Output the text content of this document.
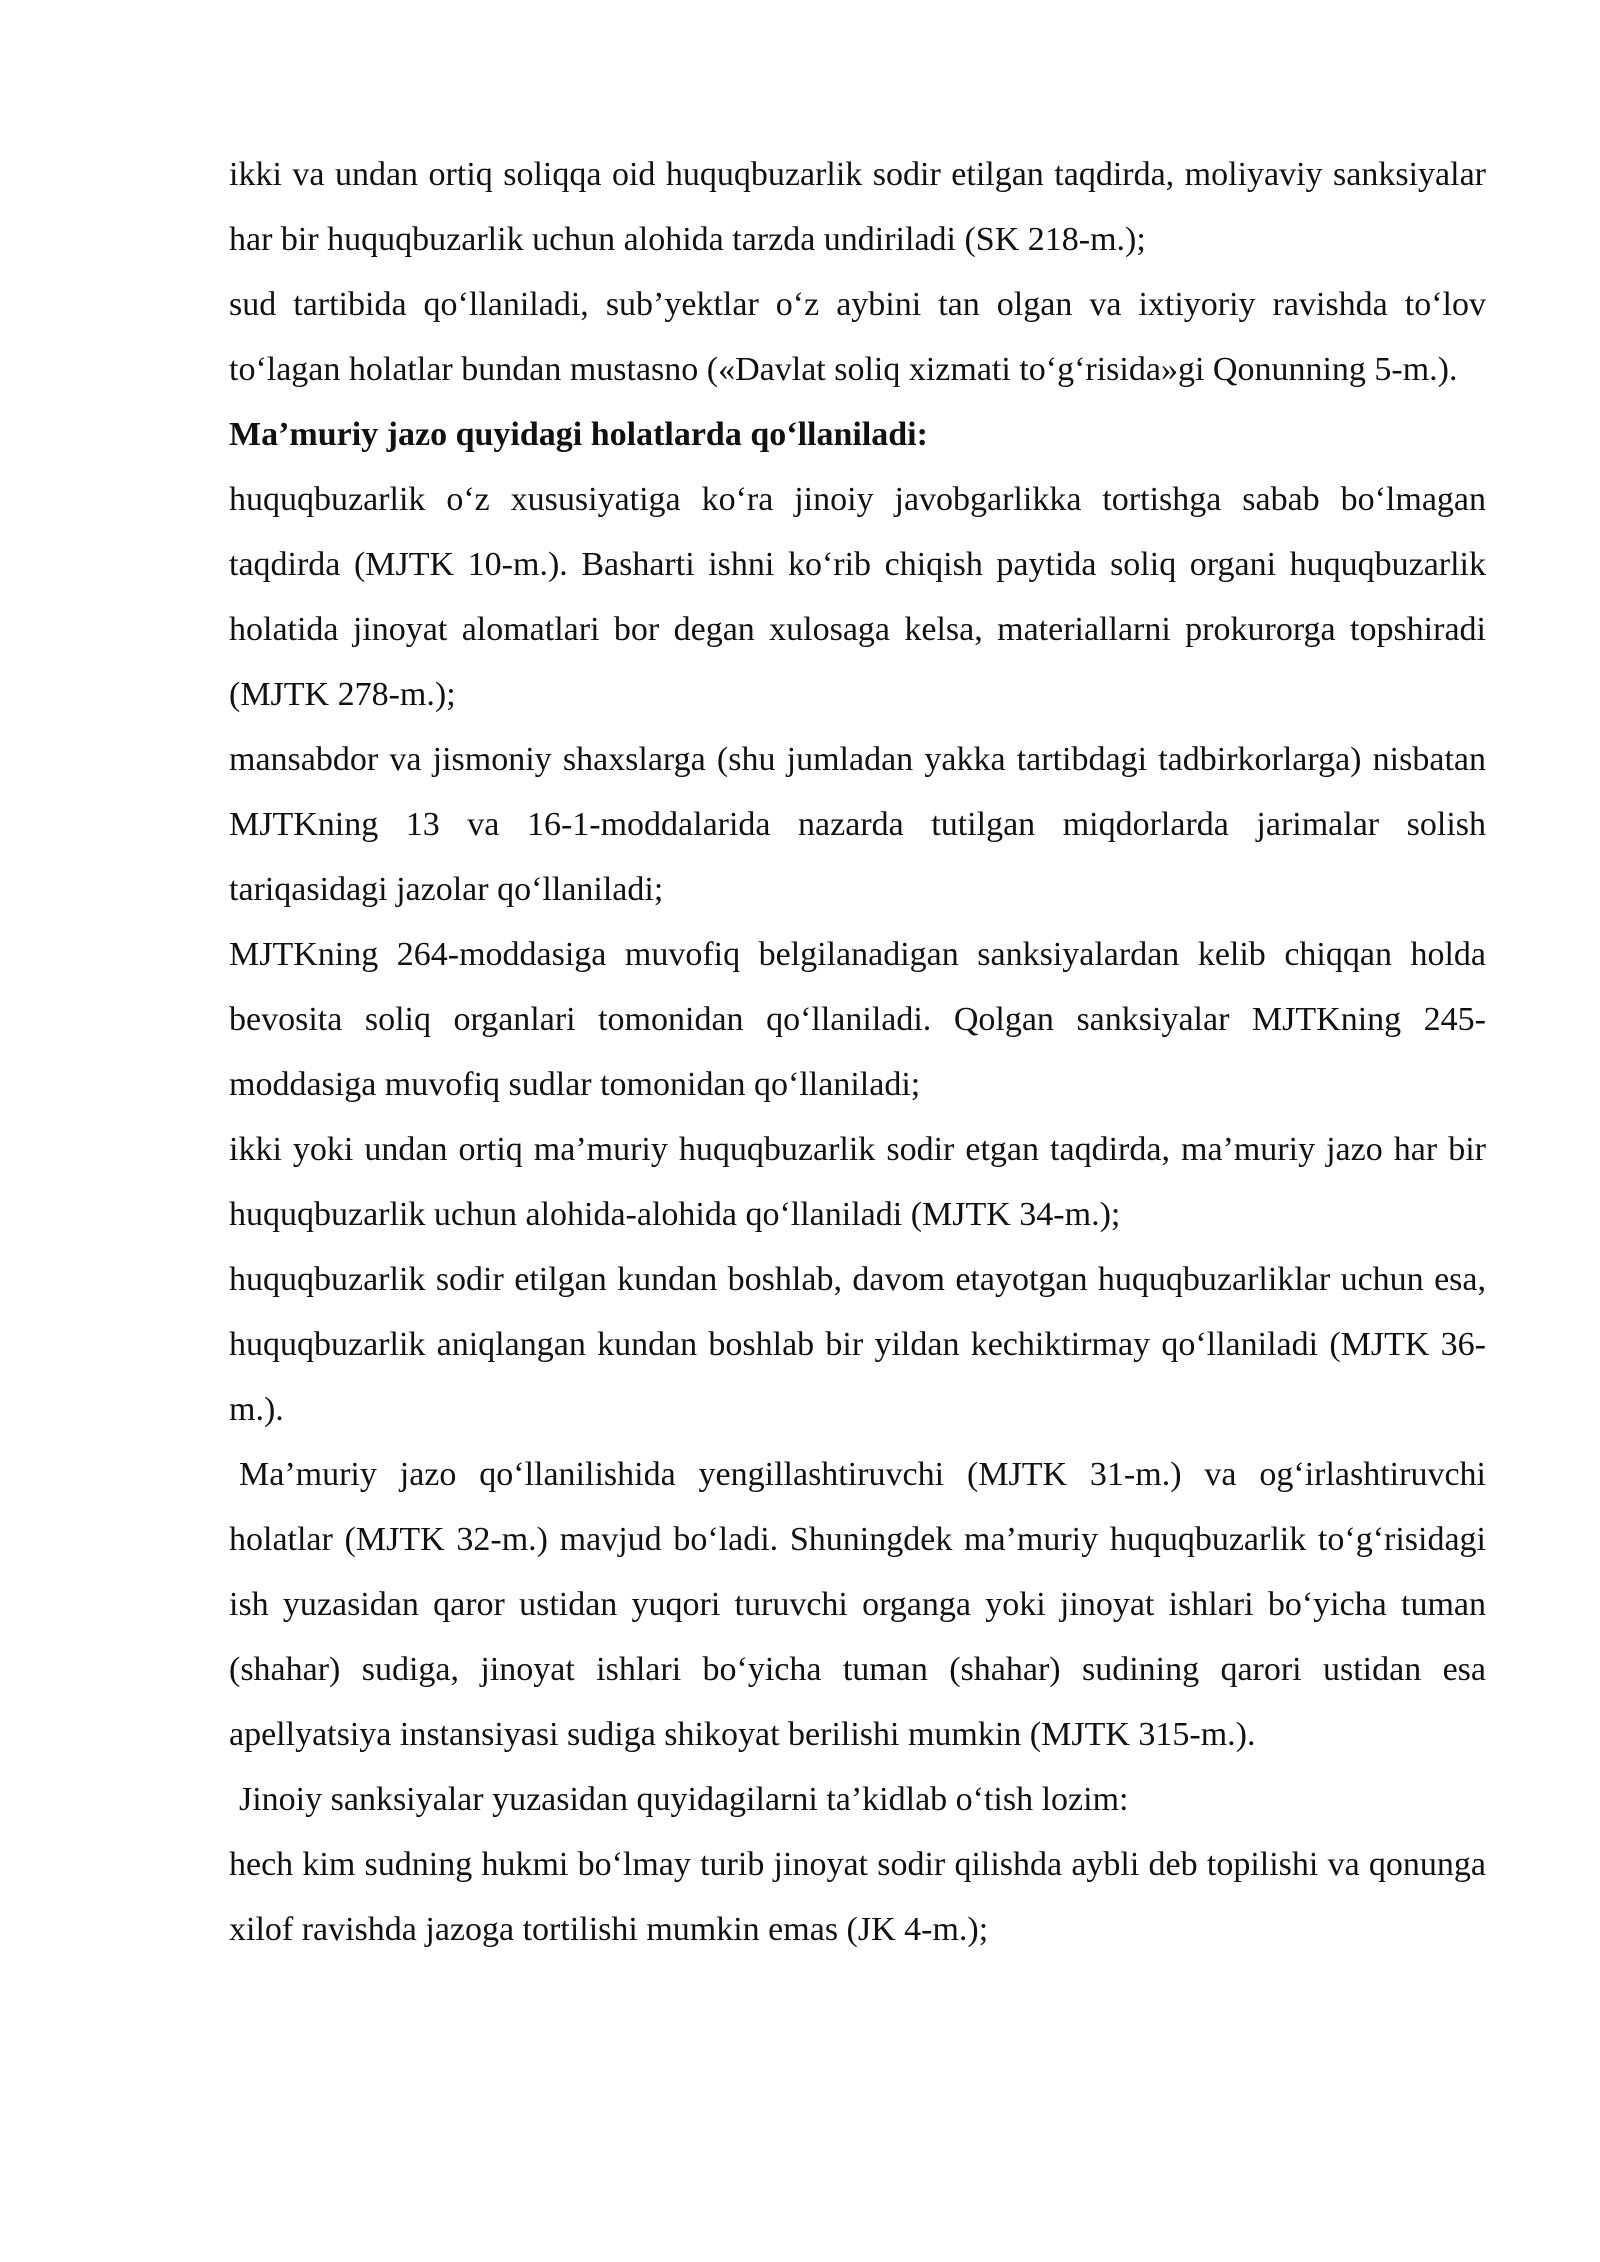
ikki va undan ortiq soliqqa oid huquqbuzarlik sodir etilgan taqdirda, moliyaviy sanksiyalar har bir huquqbuzarlik uchun alohida tarzda undiriladi (SK 218-m.);

sud tartibida qo‘llaniladi, sub’yektlar o‘z aybini tan olgan va ixtiyoriy ravishda to‘lov to‘lagan holatlar bundan mustasno («Davlat soliq xizmati to‘g‘risida»gi Qonunning 5-m.).

Ma’muriy jazo quyidagi holatlarda qo‘llaniladi:

huquqbuzarlik o‘z xususiyatiga ko‘ra jinoiy javobgarlikka tortishga sabab bo‘lmagan taqdirda (MJTK 10-m.). Basharti ishni ko‘rib chiqish paytida soliq organi huquqbuzarlik holatida jinoyat alomatlari bor degan xulosaga kelsa, materiallarni prokurorga topshiradi (MJTK 278-m.);

mansabdor va jismoniy shaxslarga (shu jumladan yakka tartibdagi tadbirkorlarga) nisbatan MJTKning 13 va 16-1-moddalarida nazarda tutilgan miqdorlarda jarimalar solish tariqasidagi jazolar qo‘llaniladi;

MJTKning 264-moddasiga muvofiq belgilanadigan sanksiyalardan kelib chiqqan holda bevosita soliq organlari tomonidan qo‘llaniladi. Qolgan sanksiyalar MJTKning 245-moddasiga muvofiq sudlar tomonidan qo‘llaniladi;

ikki yoki undan ortiq ma’muriy huquqbuzarlik sodir etgan taqdirda, ma’muriy jazo har bir huquqbuzarlik uchun alohida-alohida qo‘llaniladi (MJTK 34-m.);

huquqbuzarlik sodir etilgan kundan boshlab, davom etayotgan huquqbuzarliklar uchun esa, huquqbuzarlik aniqlangan kundan boshlab bir yildan kechiktirmay qo‘llaniladi (MJTK 36-m.).

Ma’muriy jazo qo‘llanilishida yengillashtiruvchi (MJTK 31-m.) va og‘irlashtiruvchi holatlar (MJTK 32-m.) mavjud bo‘ladi. Shuningdek ma’muriy huquqbuzarlik to‘g‘risidagi ish yuzasidan qaror ustidan yuqori turuvchi organga yoki jinoyat ishlari bo‘yicha tuman (shahar) sudiga, jinoyat ishlari bo‘yicha tuman (shahar) sudining qarori ustidan esa apellyatsiya instansiyasi sudiga shikoyat berilishi mumkin (MJTK 315-m.).

Jinoiy sanksiyalar yuzasidan quyidagilarni ta’kidlab o‘tish lozim:

hech kim sudning hukmi bo‘lmay turib jinoyat sodir qilishda aybli deb topilishi va qonunga xilof ravishda jazoga tortilishi mumkin emas (JK 4-m.);
